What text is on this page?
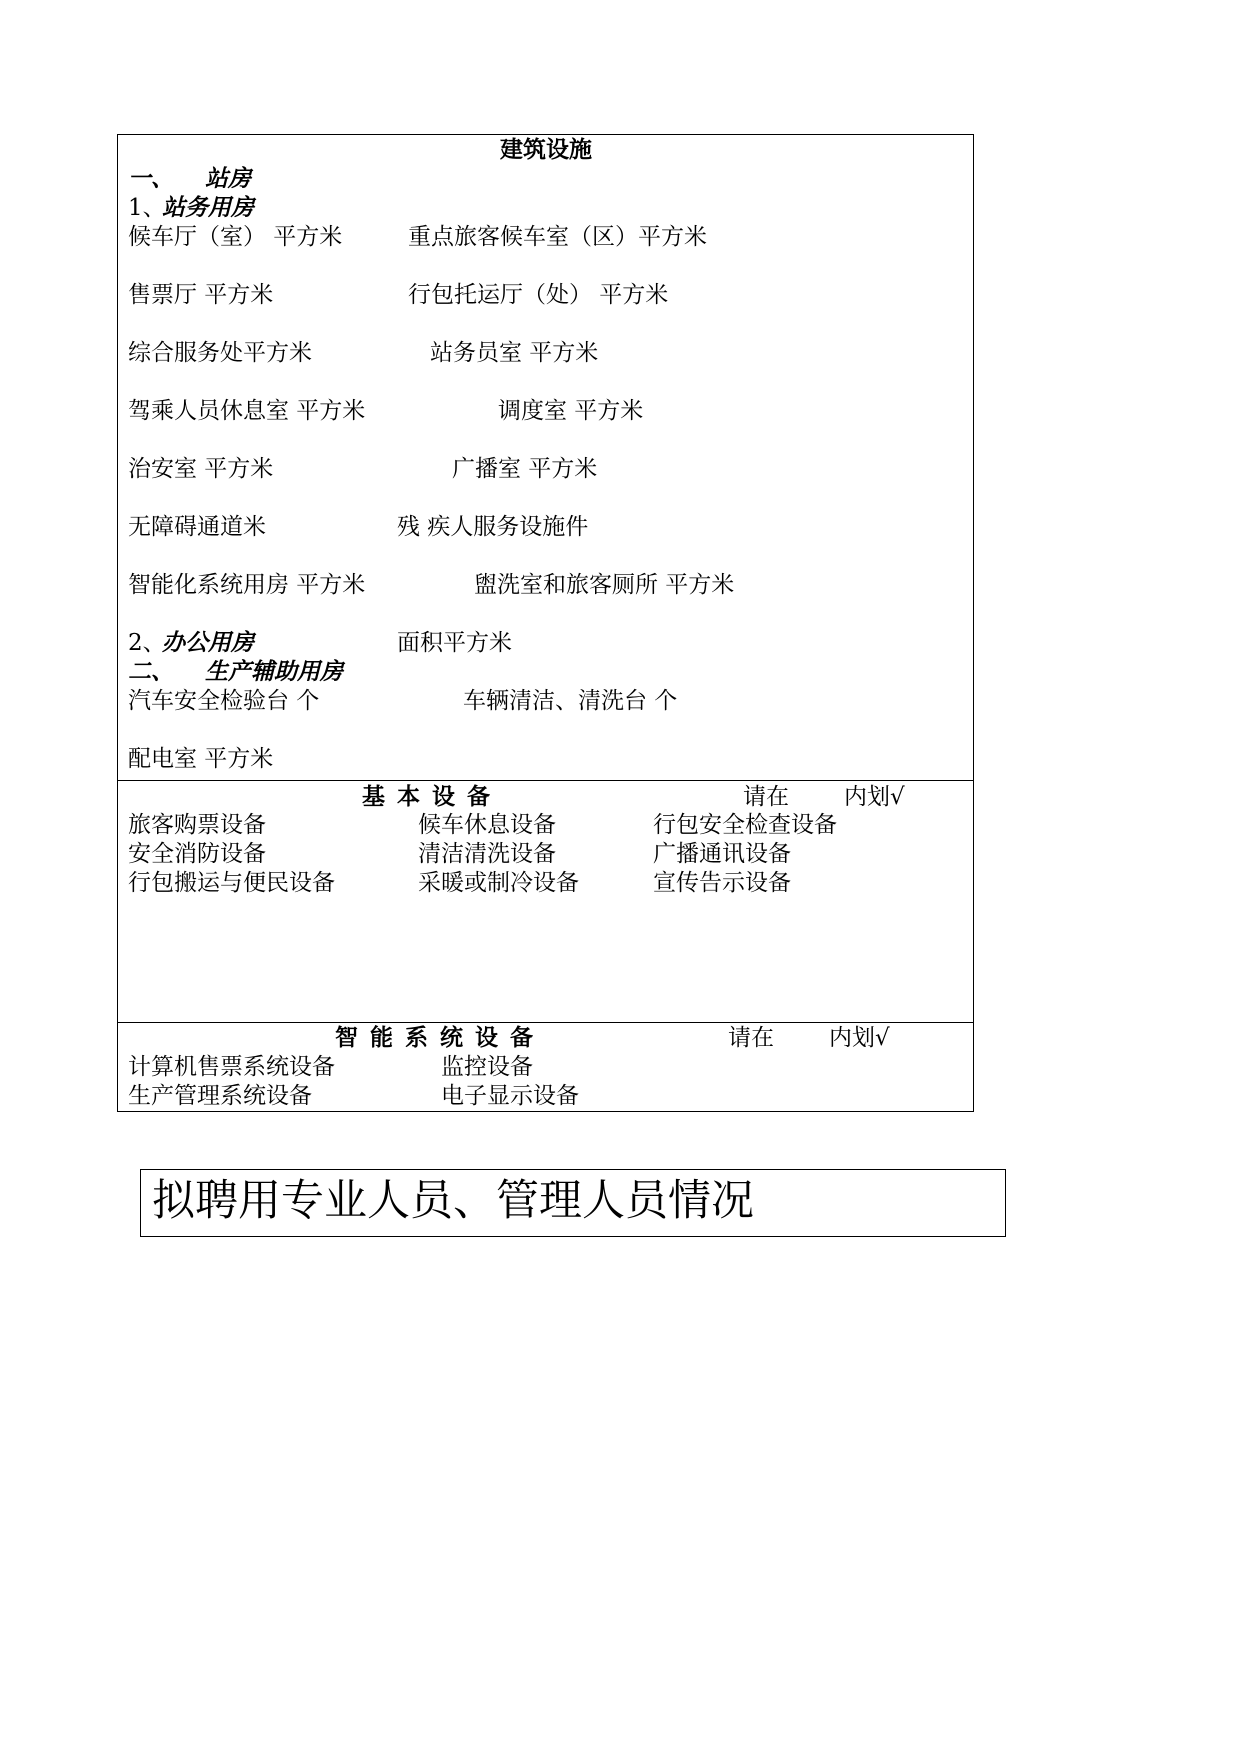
建筑设施
一、 站房
1、
站务用房
候车厅（室） 平方米	重点旅客候车室（区）平方米
售票厅 平方米	行包托运厅（处） 平方米
综合服务处平方米	站务员室 平方米
驾乘人员休息室 平方米	调度室 平方米
治安室 平方米	广播室 平方米
无障碍通道米	残 疾人服务设施件
智能化系统用房 平方米	盥洗室和旅客厕所 平方米
2、
办公用房	面积平方米
二、 生产辅助用房
汽车安全检验台 个	车辆清洁、清洗台 个
配电室 平方米
基本设备	请在 内划√
旅客购票设备	候车休息设备	行包安全检查设备
安全消防设备	清洁清洗设备	广播通讯设备
行包搬运与便民设备	采暖或制冷设备	宣传告示设备
智能系统设备	请在 内划√
计算机售票系统设备	监控设备
生产管理系统设备	电子显示设备
拟聘用专业人员、管理人员情况
